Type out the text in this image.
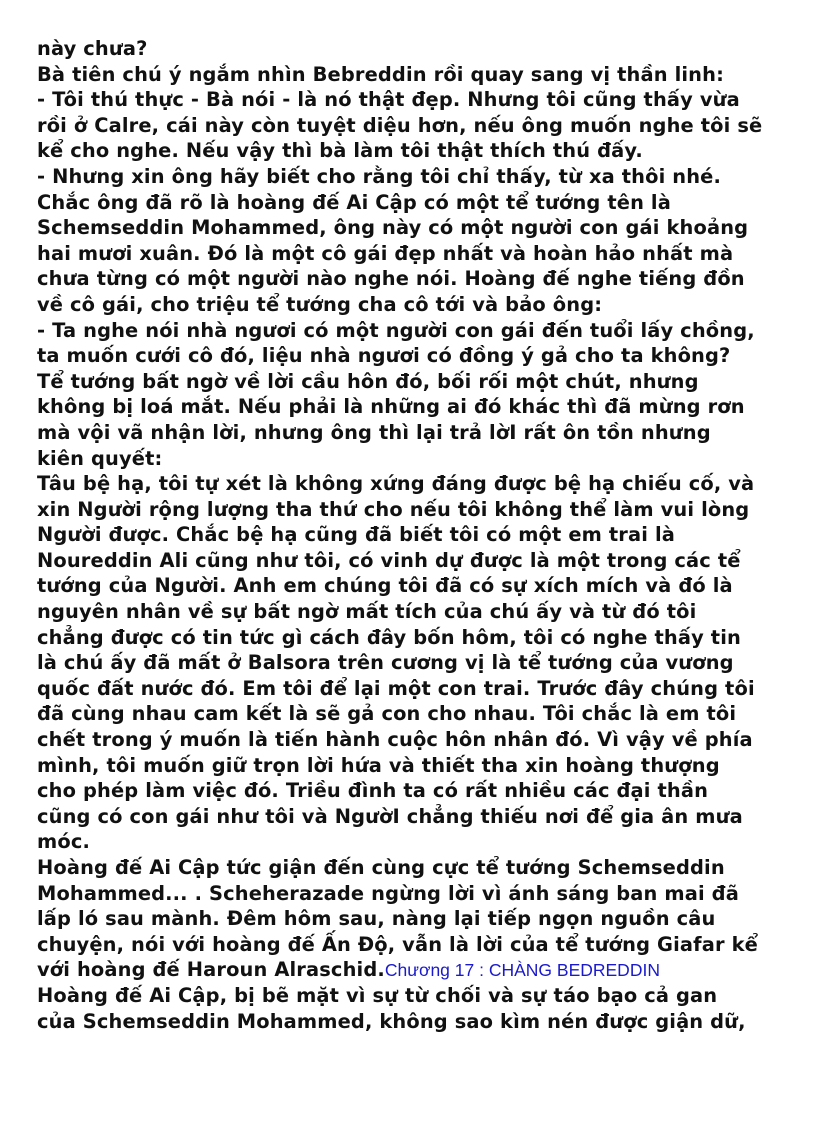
này chưa?
Bà tiên chú ý ngắm nhìn Bebreddin rồi quay sang vị thần linh:
- Tôi thú thực - Bà nói - là nó thật đẹp. Nhưng tôi cũng thấy vừa
rồi ở Calre, cái này còn tuyệt diệu hơn, nếu ông muốn nghe tôi sẽ
kể cho nghe. Nếu vậy thì bà làm tôi thật thích thú đấy.
- Nhưng xin ông hãy biết cho rằng tôi chỉ thấy, từ xa thôi nhé.
Chắc ông đã rõ là hoàng đế Ai Cập có một tể tướng tên là
Schemseddin Mohammed, ông này có một người con gái khoảng
hai mươi xuân. Đó là một cô gái đẹp nhất và hoàn hảo nhất mà
chưa từng có một người nào nghe nói. Hoàng đế nghe tiếng đồn
về cô gái, cho triệu tể tướng cha cô tới và bảo ông:
- Ta nghe nói nhà ngươi có một người con gái đến tuổi lấy chồng,
ta muốn cưới cô đó, liệu nhà ngươi có đồng ý gả cho ta không?
Tể tướng bất ngờ về lời cầu hôn đó, bối rối một chút, nhưng
không bị loá mắt. Nếu phải là những ai đó khác thì đã mừng rơn
mà vội vã nhận lời, nhưng ông thì lại trả lờI rất ôn tồn nhưng
kiên quyết:
Tâu bệ hạ, tôi tự xét là không xứng đáng được bệ hạ chiếu cố, và
xin Người rộng lượng tha thứ cho nếu tôi không thể làm vui lòng
Người được. Chắc bệ hạ cũng đã biết tôi có một em trai là
Noureddin Ali cũng như tôi, có vinh dự được là một trong các tể
tướng của Người. Anh em chúng tôi đã có sự xích mích và đó là
nguyên nhân về sự bất ngờ mất tích của chú ấy và từ đó tôi
chẳng được có tin tức gì cách đây bốn hôm, tôi có nghe thấy tin
là chú ấy đã mất ở Balsora trên cương vị là tể tướng của vương
quốc đất nước đó. Em tôi để lại một con trai. Trước đây chúng tôi
đã cùng nhau cam kết là sẽ gả con cho nhau. Tôi chắc là em tôi
chết trong ý muốn là tiến hành cuộc hôn nhân đó. Vì vậy về phía
mình, tôi muốn giữ trọn lời hứa và thiết tha xin hoàng thượng
cho phép làm việc đó. Triều đình ta có rất nhiều các đại thần
cũng có con gái như tôi và NgườI chẳng thiếu nơi để gia ân mưa
móc.
Hoàng đế Ai Cập tức giận đến cùng cực tể tướng Schemseddin
Mohammed... . Scheherazade ngừng lời vì ánh sáng ban mai đã
lấp ló sau mành. Đêm hôm sau, nàng lại tiếp ngọn nguồn câu
chuyện, nói với hoàng đế Ấn Độ, vẫn là lời của tể tướng Giafar kể
với hoàng đế Haroun Alraschid.Chương 17 : CHÀNG BEDREDDIN
Hoàng đế Ai Cập, bị bẽ mặt vì sự từ chối và sự táo bạo cả gan
của Schemseddin Mohammed, không sao kìm nén được giận dữ,
